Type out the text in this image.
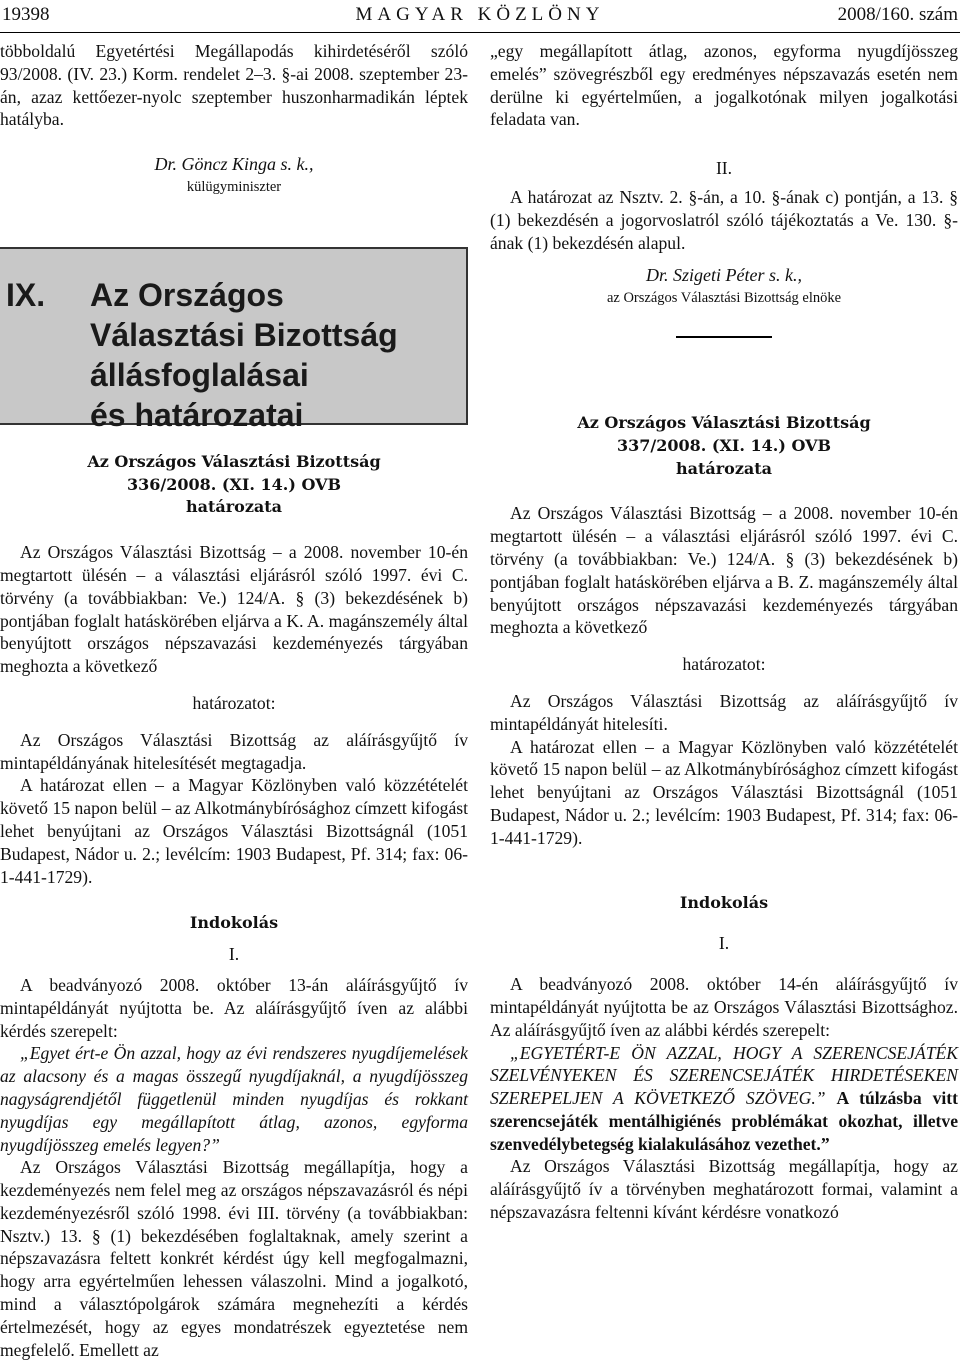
19398	MAGYAR KÖZLÖNY	2008/160. szám

többoldalú Egyetértési Megállapodás kihirdetéséről szóló 93/2008. (IV. 23.) Korm. rendelet 2–3. §-ai 2008. szeptember 23-án, azaz kettőezer-nyolc szeptember huszonharmadikán léptek hatályba.

Dr. Göncz Kinga s. k.,
külügyminiszter
IX. Az Országos
Választási Bizottság
állásfoglalásai
és határozatai
Az Országos Választási Bizottság
336/2008. (XI. 14.) OVB
határozata

Az Országos Választási Bizottság – a 2008. november 10-én megtartott ülésén – a választási eljárásról szóló 1997. évi C. törvény (a továbbiakban: Ve.) 124/A. § (3) bekezdésének b) pontjában foglalt hatáskörében eljárva a K. A. magánszemély által benyújtott országos népszavazási kezdeményezés tárgyában meghozta a következő

határozatot:

Az Országos Választási Bizottság az aláírásgyűjtő ív mintapéldányának hitelesítését megtagadja.

A határozat ellen – a Magyar Közlönyben való közzétételét követő 15 napon belül – az Alkotmánybírósághoz címzett kifogást lehet benyújtani az Országos Választási Bizottságnál (1051 Budapest, Nádor u. 2.; levélcím: 1903 Budapest, Pf. 314; fax: 06-1-441-1729).

Indokolás
I.

A beadványozó 2008. október 13-án aláírásgyűjtő ív mintapéldányát nyújtotta be. Az aláírásgyűjtő íven az alábbi kérdés szerepelt:

„Egyet ért-e Ön azzal, hogy az évi rendszeres nyugdíjemelések az alacsony és a magas összegű nyugdíjaknál, a nyugdíjösszeg nagyságrendjétől függetlenül minden nyugdíjas és rokkant nyugdíjas egy megállapított átlag, azonos, egyforma nyugdíjösszeg emelés legyen?”

Az Országos Választási Bizottság megállapítja, hogy a kezdeményezés nem felel meg az országos népszavazásról és népi kezdeményezésről szóló 1998. évi III. törvény (a továbbiakban: Nsztv.) 13. § (1) bekezdésében foglaltaknak, amely szerint a népszavazásra feltett konkrét kérdést úgy kell megfogalmazni, hogy arra egyértelműen lehessen válaszolni. Mind a jogalkotó, mind a választópolgárok számára megnehezíti a kérdés értelmezését, hogy az egyes mondatrészek egyeztetése nem megfelelő. Emellett az

„egy megállapított átlag, azonos, egyforma nyugdíjösszeg emelés” szövegrészből egy eredményes népszavazás esetén nem derülne ki egyértelműen, a jogalkotónak milyen jogalkotási feladata van.

II.

A határozat az Nsztv. 2. §-án, a 10. §-ának c) pontján, a 13. § (1) bekezdésén a jogorvoslatról szóló tájékoztatás a Ve. 130. §-ának (1) bekezdésén alapul.

Dr. Szigeti Péter s. k.,
az Országos Választási Bizottság elnöke
Az Országos Választási Bizottság
337/2008. (XI. 14.) OVB
határozata

Az Országos Választási Bizottság – a 2008. november 10-én megtartott ülésén – a választási eljárásról szóló 1997. évi C. törvény (a továbbiakban: Ve.) 124/A. § (3) bekezdésének b) pontjában foglalt hatáskörében eljárva a B. Z. magánszemély által benyújtott országos népszavazási kezdeményezés tárgyában meghozta a következő

határozatot:

Az Országos Választási Bizottság az aláírásgyűjtő ív mintapéldányát hitelesíti.

A határozat ellen – a Magyar Közlönyben való közzétételét követő 15 napon belül – az Alkotmánybírósághoz címzett kifogást lehet benyújtani az Országos Választási Bizottságnál (1051 Budapest, Nádor u. 2.; levélcím: 1903 Budapest, Pf. 314; fax: 06-1-441-1729).

Indokolás
I.

A beadványozó 2008. október 14-én aláírásgyűjtő ív mintapéldányát nyújtotta be az Országos Választási Bizottsághoz. Az aláírásgyűjtő íven az alábbi kérdés szerepelt:

„EGYETÉRT-E ÖN AZZAL, HOGY A SZERENCSEJÁTÉK SZELVÉNYEKEN ÉS SZERENCSEJÁTÉK HIRDETÉSEKEN SZEREPELJEN A KÖVETKEZŐ SZÖVEG.” A túlzásba vitt szerencsejáték mentálhigiénés problémákat okozhat, illetve szenvedélybetegség kialakulásához vezethet.”

Az Országos Választási Bizottság megállapítja, hogy az aláírásgyűjtő ív a törvényben meghatározott formai, valamint a népszavazásra feltenni kívánt kérdésre vonatkozó
